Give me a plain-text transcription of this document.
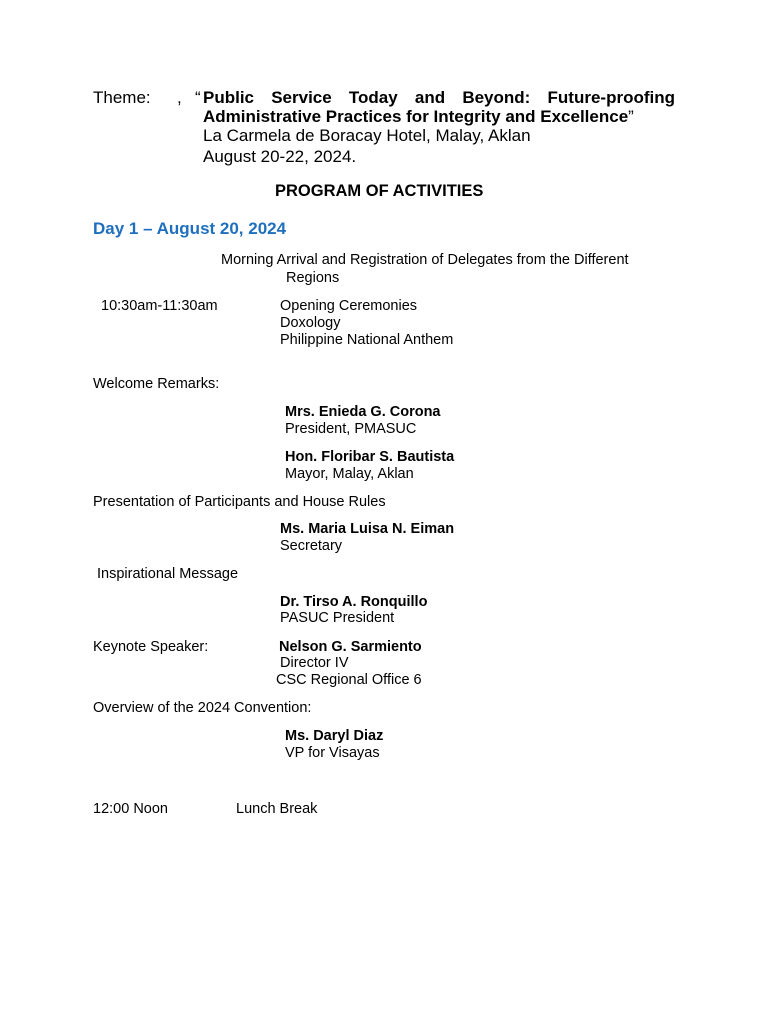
Theme: , “ Public Service Today and Beyond: Future-proofing
Administrative Practices for Integrity and Excellence”
La Carmela de Boracay Hotel, Malay, Aklan
August 20-22, 2024.
PROGRAM OF ACTIVITIES
Day 1 – August 20, 2024
Morning Arrival and Registration of Delegates from the Different
Regions
10:30am-11:30am	Opening Ceremonies
Doxology
Philippine National Anthem
Welcome Remarks:
Mrs. Enieda G. Corona
President, PMASUC
Hon. Floribar S. Bautista
Mayor, Malay, Aklan
Presentation of Participants and House Rules
Ms. Maria Luisa N. Eiman
Secretary
Inspirational Message
Dr. Tirso A. Ronquillo
PASUC President
Keynote Speaker:	Nelson G. Sarmiento
Director IV
CSC Regional Office 6
Overview of the 2024 Convention:
Ms. Daryl Diaz
VP for Visayas
12:00 Noon	Lunch Break
